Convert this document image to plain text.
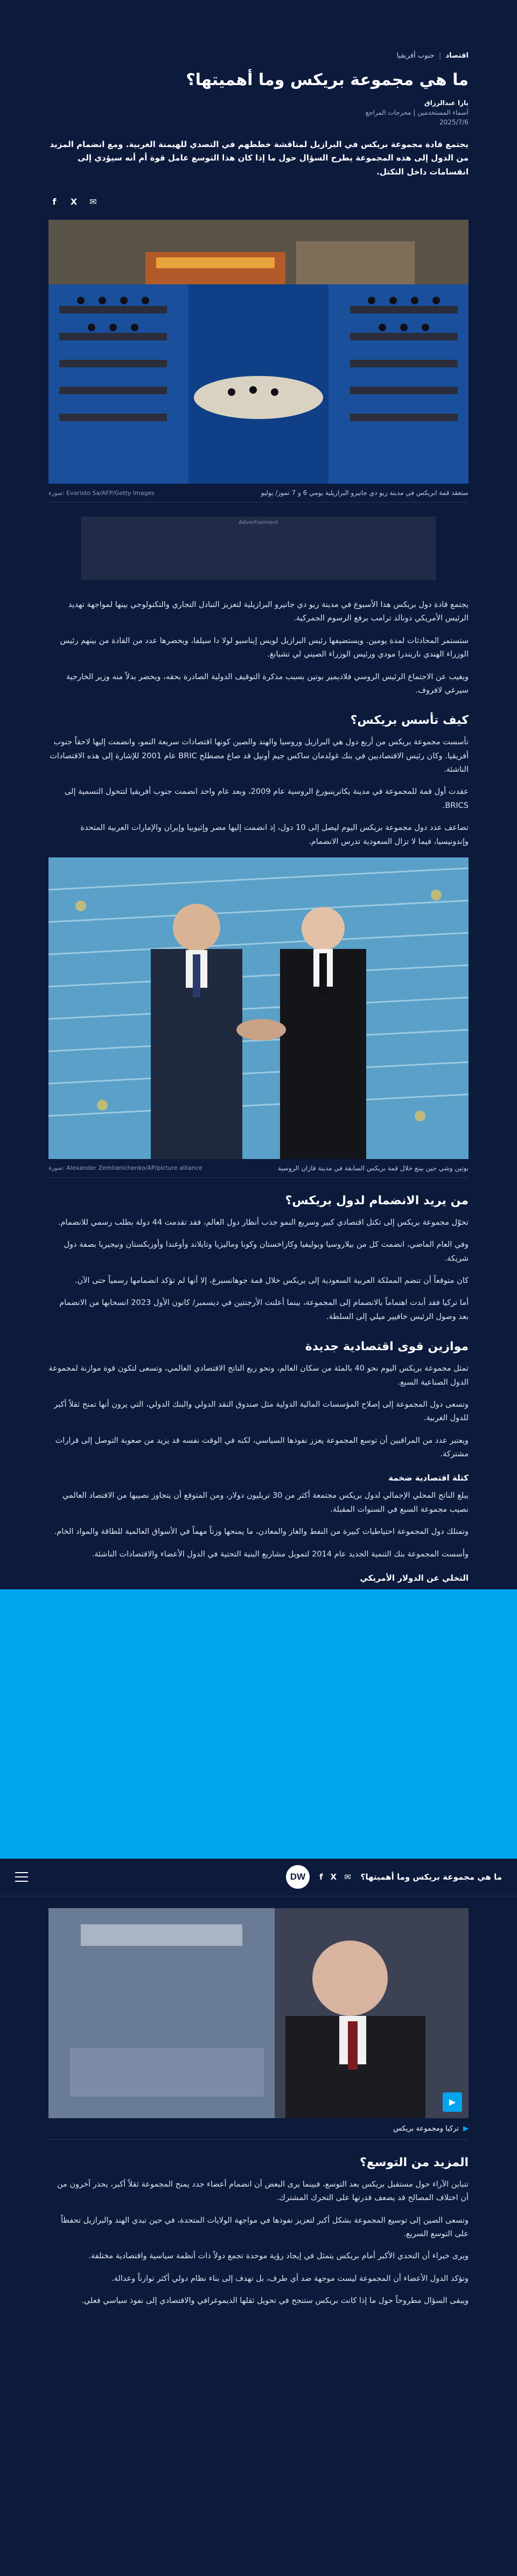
اقتصاد | جنوب أفريقيا
ما هي مجموعة بريكس وما أهميتها؟
يارا عبدالرزاق
أسماء المستخدمين | مخرجات المراجع
2025/7/6

يجتمع قادة مجموعة بريكس في البرازيل لمناقشة خططهم في التصدي للهيمنة الغربية. ومع انضمام المزيد من الدول إلى هذه المجموعة يطرح السؤال حول ما إذا كان هذا التوسع عامل قوة أم أنه سيؤدي إلى انقسامات داخل التكتل.

✉
X
f
ستعقد قمة ابريكس في مدينة ريو دي جانيرو البرازيلية يومي 6 و 7 تموز/ يوليو
صورة: Evaristo Sa/AFP/Getty Images
Advertisement

يجتمع قادة دول بريكس هذا الأسبوع في مدينة ريو دي جانيرو البرازيلية لتعزيز التبادل التجاري والتكنولوجي بينها لمواجهة تهديد الرئيس الأمريكي دونالد ترامب برفع الرسوم الجمركية.

ستستمر المحادثات لمدة يومين. ويستضيفها رئيس البرازيل لويس إيناسيو لولا دا سيلفا، ويحضرها عدد من القادة من بينهم رئيس الوزراء الهندي ناريندرا مودي ورئيس الوزراء الصيني لي تشيانغ.

ويغيب عن الاجتماع الرئيس الروسي فلاديمير بوتين بسبب مذكرة التوقيف الدولية الصادرة بحقه، ويحضر بدلاً منه وزير الخارجية سيرغي لافروف.

كيف تأسس بريكس؟

تأسست مجموعة بريكس من أربع دول هي البرازيل وروسيا والهند والصين كونها اقتصادات سريعة النمو، وانضمت إليها لاحقاً جنوب أفريقيا. وكان رئيس الاقتصاديين في بنك غولدمان ساكس جيم أونيل قد صاغ مصطلح BRIC عام 2001 للإشارة إلى هذه الاقتصادات الناشئة.

عقدت أول قمة للمجموعة في مدينة يكاترينبورغ الروسية عام 2009، وبعد عام واحد انضمت جنوب أفريقيا لتتحول التسمية إلى BRICS.

تضاعف عدد دول مجموعة بريكس اليوم ليصل إلى 10 دول، إذ انضمت إليها مصر وإثيوبيا وإيران والإمارات العربية المتحدة وإندونيسيا، فيما لا تزال السعودية تدرس الانضمام.

بوتين وشي جين بينغ خلال قمة بريكس السابقة في مدينة قازان الروسية
صورة: Alexander Zemlianichenko/AP/picture alliance
من يريد الانضمام لدول بريكس؟

تحوّل مجموعة بريكس إلى تكتل اقتصادي كبير وسريع النمو جذب أنظار دول العالم، فقد تقدمت 44 دولة بطلب رسمي للانضمام.

وفي العام الماضي، انضمت كل من بيلاروسيا وبوليفيا وكازاخستان وكوبا وماليزيا وتايلاند وأوغندا وأوزبكستان ونيجيريا بصفة دول شريكة.

كان متوقعاً أن تنضم المملكة العربية السعودية إلى بريكس خلال قمة جوهانسبرغ، إلا أنها لم تؤكد انضمامها رسمياً حتى الآن.

أما تركيا فقد أبدت اهتماماً بالانضمام إلى المجموعة، بينما أعلنت الأرجنتين في ديسمبر/ كانون الأول 2023 انسحابها من الانضمام بعد وصول الرئيس خافيير ميلي إلى السلطة.

موازين قوى اقتصادية جديدة

تمثل مجموعة بريكس اليوم نحو 40 بالمئة من سكان العالم، ونحو ربع الناتج الاقتصادي العالمي، وتسعى لتكون قوة موازنة لمجموعة الدول الصناعية السبع.

وتسعى دول المجموعة إلى إصلاح المؤسسات المالية الدولية مثل صندوق النقد الدولي والبنك الدولي، التي يرون أنها تمنح ثقلاً أكبر للدول الغربية.

ويعتبر عدد من المراقبين أن توسع المجموعة يعزز نفوذها السياسي، لكنه في الوقت نفسه قد يزيد من صعوبة التوصل إلى قرارات مشتركة.

كتلة اقتصادية ضخمة

يبلغ الناتج المحلي الإجمالي لدول بريكس مجتمعة أكثر من 30 تريليون دولار، ومن المتوقع أن يتجاوز نصيبها من الاقتصاد العالمي نصيب مجموعة السبع في السنوات المقبلة.

وتمتلك دول المجموعة احتياطيات كبيرة من النفط والغاز والمعادن، ما يمنحها وزناً مهماً في الأسواق العالمية للطاقة والمواد الخام.

وأسست المجموعة بنك التنمية الجديد عام 2014 لتمويل مشاريع البنية التحتية في الدول الأعضاء والاقتصادات الناشئة.

التخلي عن الدولار الأمريكي
DW	✉
X
f	ما هي مجموعة بريكس وما أهميتها؟
▶
▶
تركيا ومجموعة بريكس
المزيد من التوسع؟

تتباين الآراء حول مستقبل بريكس بعد التوسع، فبينما يرى البعض أن انضمام أعضاء جدد يمنح المجموعة ثقلاً أكبر، يحذر آخرون من أن اختلاف المصالح قد يضعف قدرتها على التحرك المشترك.

وتسعى الصين إلى توسيع المجموعة بشكل أكبر لتعزيز نفوذها في مواجهة الولايات المتحدة، في حين تبدي الهند والبرازيل تحفظاً على التوسع السريع.

ويرى خبراء أن التحدي الأكبر أمام بريكس يتمثل في إيجاد رؤية موحدة تجمع دولاً ذات أنظمة سياسية واقتصادية مختلفة.

وتؤكد الدول الأعضاء أن المجموعة ليست موجهة ضد أي طرف، بل تهدف إلى بناء نظام دولي أكثر توازناً وعدالة.

ويبقى السؤال مطروحاً حول ما إذا كانت بريكس ستنجح في تحويل ثقلها الديموغرافي والاقتصادي إلى نفوذ سياسي فعلي.
